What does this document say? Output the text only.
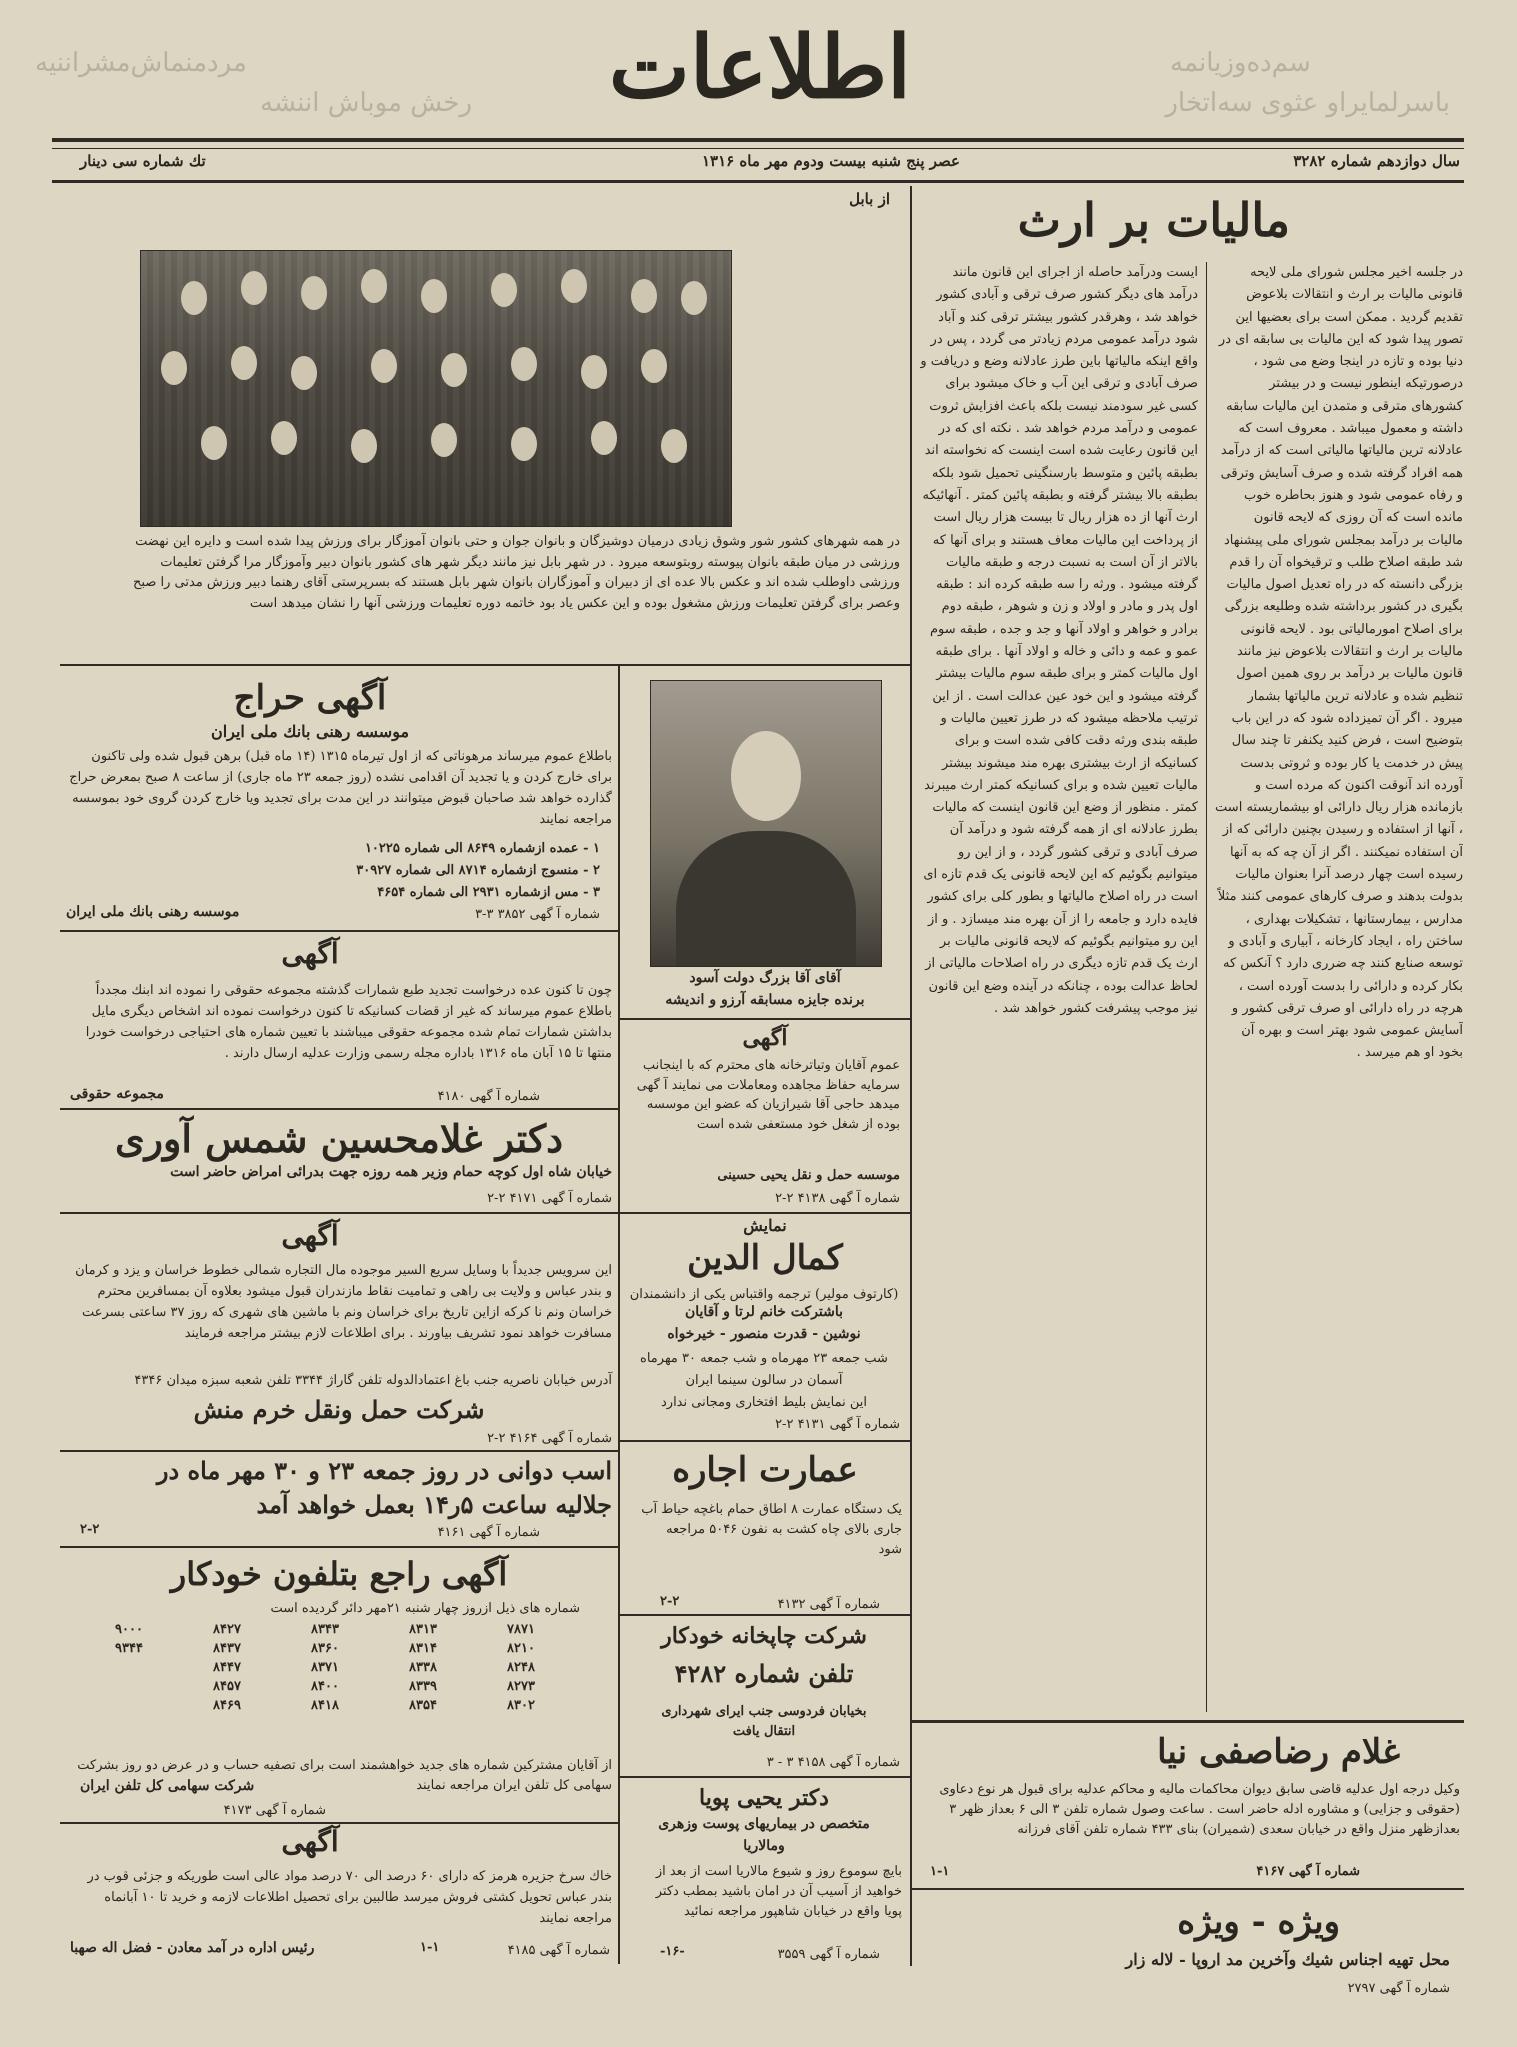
ﻣﺮﺩﻣﻨﻤﺎﺵﻣﺸﺮﺍﻧﻨﻴﻪ
ﺭﺧﺶ ﻣﻮﺑﺎﺵ ﺍﻧﻨﺸﻪ	ﺑﺎﺳﺮﻟﻤﺎﻳﺮﺍﻭ ﻋﺜﻮﻯ ﺳﻪﺍﺗﺨﺎﺭ
ﺳﻢﺩﻩﻭﺯﻳﺎﻧﻤﻪ
اطلاعات
سال دوازدهم شماره ۳۲۸۲
عصر پنج شنبه بیست ودوم مهر ماه ۱۳۱۶
تك شماره سی دینار
از بابل
در همه شهرهای کشور شور وشوق زیادی درمیان دوشیزگان و بانوان جوان و حتی بانوان آموزگار برای ورزش پیدا شده است و دایره این نهضت ورزشی در میان طبقه بانوان پیوسته روبتوسعه میرود . در شهر بابل نیز مانند دیگر شهر های کشور بانوان دبیر وآموزگار مرا گرفتن تعلیمات ورزشی داوطلب شده اند و عکس بالا عده ای از دبیران و آموزگاران بانوان شهر بابل هستند که بسرپرستی آقای رهنما دبیر ورزش مدتی را صبح وعصر برای گرفتن تعلیمات ورزش مشغول بوده و این عکس یاد بود خاتمه دوره تعلیمات ورزشی آنها را نشان میدهد است
مالیات بر ارث
در جلسه اخیر مجلس شورای ملی لایحه قانونی مالیات بر ارث و انتقالات بلاعوض تقدیم گردید . ممکن است برای بعضیها این تصور پیدا شود که این مالیات بی سابقه ای در دنیا بوده و تازه در اینجا وضع می شود ، درصورتیکه اینطور نیست و در بیشتر کشورهای مترقی و متمدن این مالیات سابقه داشته و معمول میباشد . معروف است که عادلانه ترین مالیاتها مالیاتی است که از درآمد همه افراد گرفته شده و صرف آسایش وترقی و رفاه عمومی شود و هنوز بحاطره خوب مانده است که آن روزی که لایحه قانون مالیات بر درآمد بمجلس شورای ملی پیشنهاد شد طبقه اصلاح طلب و ترقیخواه آن را قدم بزرگی دانسته که در راه تعدیل اصول مالیات بگیری در کشور برداشته شده وطلیعه بزرگی برای اصلاح امورمالیاتی بود . لایحه قانونی مالیات بر ارث و انتقالات بلاعوض نیز مانند قانون مالیات بر درآمد بر روی همین اصول تنظیم شده و عادلانه ترین مالیاتها بشمار میرود . اگر آن تمیزداده شود که در این باب بتوضیح است ، فرض کنید یکنفر تا چند سال پیش در خدمت یا کار بوده و ثروتی بدست آورده اند آنوقت اکنون که مرده است و بازمانده هزار ریال دارائی او بیشماریسته است ، آنها از استفاده و رسیدن بچنین دارائی که از آن استفاده نمیکنند . اگر از آن چه که به آنها رسیده است چهار درصد آنرا بعنوان مالیات بدولت بدهند و صرف کارهای عمومی کنند مثلاً مدارس ، بیمارستانها ، تشکیلات بهداری ، ساختن راه ، ایجاد کارخانه ، آبیاری و آبادی و توسعه صنایع کنند چه ضرری دارد ؟ آنکس که بکار کرده و دارائی را بدست آورده است ، هرچه در راه دارائی او صرف ترقی کشور و آسایش عمومی شود بهتر است و بهره آن بخود او هم میرسد .
ایست ودرآمد حاصله از اجرای این قانون مانند درآمد های دیگر کشور صرف ترقی و آبادی کشور خواهد شد ، وهرقدر کشور بیشتر ترقی کند و آباد شود درآمد عمومی مردم زیادتر می گردد ، پس در واقع اینکه مالیاتها باین طرز عادلانه وضع و دریافت و صرف آبادی و ترقی این آب و خاک میشود برای کسی غیر سودمند نیست بلکه باعث افزایش ثروت عمومی و درآمد مردم خواهد شد . نکته ای که در این قانون رعایت شده است اینست که نخواسته اند بطبقه پائین و متوسط بارسنگینی تحمیل شود بلکه بطبقه بالا بیشتر گرفته و بطبقه پائین کمتر . آنهائیکه ارث آنها از ده هزار ریال تا بیست هزار ریال است از پرداخت این مالیات معاف هستند و برای آنها که بالاتر از آن است به نسبت درجه و طبقه مالیات گرفته میشود . ورثه را سه طبقه کرده اند : طبقه اول پدر و مادر و اولاد و زن و شوهر ، طبقه دوم برادر و خواهر و اولاد آنها و جد و جده ، طبقه سوم عمو و عمه و دائی و خاله و اولاد آنها . برای طبقه اول مالیات کمتر و برای طبقه سوم مالیات بیشتر گرفته میشود و این خود عین عدالت است . از این ترتیب ملاحظه میشود که در طرز تعیین مالیات و طبقه بندی ورثه دقت کافی شده است و برای کسانیکه از ارث بیشتری بهره مند میشوند بیشتر مالیات تعیین شده و برای کسانیکه کمتر ارث میبرند کمتر . منظور از وضع این قانون اینست که مالیات بطرز عادلانه ای از همه گرفته شود و درآمد آن صرف آبادی و ترقی کشور گردد ، و از این رو میتوانیم بگوئیم که این لایحه قانونی یک قدم تازه ای است در راه اصلاح مالیاتها و بطور کلی برای کشور فایده دارد و جامعه را از آن بهره مند میسازد . و از این رو میتوانیم بگوئیم که لایحه قانونی مالیات بر ارث یک قدم تازه دیگری در راه اصلاحات مالیاتی از لحاظ عدالت بوده ، چنانکه در آینده وضع این قانون نیز موجب پیشرفت کشور خواهد شد .
غلام رضاصفی نیا
وکیل درجه اول عدلیه قاضی سابق دیوان محاکمات مالیه و محاکم عدلیه برای قبول هر نوع دعاوی (حقوقی و جزایی) و مشاوره ادله حاضر است . ساعت وصول شماره تلفن ۳ الی ۶ بعداز ظهر ۳ بعدازظهر منزل واقع در خیابان سعدی (شمیران) بنای ۴۳۳ شماره تلفن آقای فرزانه
۱-۱	شماره آ گهی ۴۱۶۷
ویژه - ویژه
محل تهیه اجناس شیك وآخرین مد اروپا - لاله زار
شماره آ گهی ۲۷۹۷
آقای آقا بزرگ دولت آسود
برنده جایزه مسابقه آرزو و اندیشه
آگهی
عموم آقایان وتیاترخانه های محترم که با اینجانب سرمایه حفاظ مجاهده ومعاملات می نمایند آ گهی میدهد حاجی آقا شیرازیان که عضو این موسسه بوده از شغل خود مستعفی شده است
موسسه حمل و نقل یحیی حسینی
شماره آ گهی ۴۱۳۸ ۲-۲
نمایش
كمال الدین
(کارتوف مولیر) ترجمه واقتباس یکی از دانشمندان
باشترکت خانم لرتا و آقایان
نوشین - قدرت منصور - خیرخواه
شب جمعه ۲۳ مهرماه و شب جمعه ۳۰ مهرماه
آسمان در سالون سینما ایران
این نمایش بلیط افتخاری ومجانی ندارد
شماره آ گهی ۴۱۳۱ ۲-۲
عمارت اجاره
یک دستگاه عمارت ۸ اطاق حمام باغچه حیاط آب جاری بالای چاه کشت به نفون ۵۰۴۶ مراجعه شود
۲-۲	شماره آ گهی ۴۱۳۲
شرکت چاپخانه خودکار
تلفن شماره ۴۲۸۲
بخیابان فردوسی جنب ایرای شهرداری
انتقال یافت
شماره آ گهی ۴۱۵۸ ۳ - ۳
دکتر یحیی پویا
متخصص در بیماریهای پوست وزهری
ومالاریا
بایچ سوموع روز و شیوع مالاریا است از بعد از خواهید از آسیب آن در امان باشید بمطب دکتر پویا واقع در خیابان شاهپور مراجعه نمائید
-۱۶-	شماره آ گهی ۳۵۵۹
آگهی حراج
موسسه رهنی بانك ملی ایران
باطلاع عموم میرساند مرهوناتی که از اول تیرماه ۱۳۱۵ (۱۴ ماه قبل) برهن قبول شده ولی تاکنون برای خارج کردن و یا تجدید آن اقدامی نشده (روز جمعه ۲۳ ماه جاری) از ساعت ۸ صبح بمعرض حراج گذارده خواهد شد صاحبان قبوض میتوانند در این مدت برای تجدید ویا خارج کردن گروی خود بموسسه مراجعه نمایند
۱ - عمده ازشماره ۸۶۴۹ الی شماره ۱۰۲۲۵
۲ - منسوج ازشماره ۸۷۱۴ الی شماره ۳۰۹۲۷
۳ - مس ازشماره ۲۹۳۱ الی شماره ۴۶۵۴
شماره آ گهی ۳۸۵۲ ۳-۳
موسسه رهنی بانك ملی ایران
آگهی
چون تا کنون عده درخواست تجدید طبع شمارات گذشته مجموعه حقوقی را نموده اند ابنك مجدداً باطلاع عموم میرساند که غیر از قضات کسانیکه تا کنون درخواست نموده اند اشخاص دیگری مایل بداشتن شمارات تمام شده مجموعه حقوقی میباشند با تعیین شماره های احتیاجی درخواست خودرا منتها تا ۱۵ آبان ماه ۱۳۱۶ باداره مجله رسمی وزارت عدلیه ارسال دارند .
شماره آ گهی ۴۱۸۰
مجموعه حقوقی
دکتر غلامحسین شمس آوری
خیابان شاه اول کوچه حمام وزیر همه روزه جهت بدرائی امراض حاضر است
شماره آ گهی ۴۱۷۱ ۲-۲
آگهی
این سرویس جدیداً با وسایل سریع السیر موجوده مال التجاره شمالی خطوط خراسان و یزد و کرمان و بندر عباس و ولایت بی راهی و تمامیت نقاط مازندران قبول میشود بعلاوه آن بمسافرین محترم خراسان ونم نا کرکه ازاین تاریخ برای خراسان ونم با ماشین های شهری که روز ۳۷ ساعتی بسرعت مسافرت خواهد نمود تشریف بیاورند . برای اطلاعات لازم بیشتر مراجعه فرمایند
آدرس خیابان ناصریه جنب باغ اعتمادالدوله تلفن گاراژ ۳۳۴۴ تلفن شعبه سبزه میدان ۴۳۴۶
شرکت حمل ونقل خرم منش
شماره آ گهی ۴۱۶۴ ۲-۲
اسب دوانی در روز جمعه ۲۳ و ۳۰ مهر ماه در
جلالیه ساعت ۵ر۱۴ بعمل خواهد آمد
۲-۲	شماره آ گهی ۴۱۶۱
آگهی راجع بتلفون خودکار
شماره های ذیل ازروز چهار شنبه ۲۱مهر دائر گردیده است
۷۸۷۱	۸۳۱۳	۸۳۴۳	۸۴۲۷	۹۰۰۰
۸۲۱۰	۸۳۱۴	۸۳۶۰	۸۴۳۷	۹۳۴۴
۸۲۴۸	۸۳۳۸	۸۳۷۱	۸۴۴۷	
۸۲۷۳	۸۳۳۹	۸۴۰۰	۸۴۵۷	
۸۳۰۲	۸۳۵۴	۸۴۱۸	۸۴۶۹	
از آقایان مشترکین شماره های جدید خواهشمند است برای تصفیه حساب و در عرض دو روز بشرکت سهامی کل تلفن ایران مراجعه نمایند
شرکت سهامی کل تلفن ایران
شماره آ گهی ۴۱۷۳
آگهی
خاك سرخ جزیره هرمز که دارای ۶۰ درصد الی ۷۰ درصد مواد عالی است طوریکه و جزئی قوب در بندر عباس تحویل کشتی فروش میرسد طالبین برای تحصیل اطلاعات لازمه و خرید تا ۱۰ آبانماه مراجعه نمایند
رئیس اداره در آمد معادن - فضل اله صهبا	۱-۱	شماره آ گهی ۴۱۸۵
